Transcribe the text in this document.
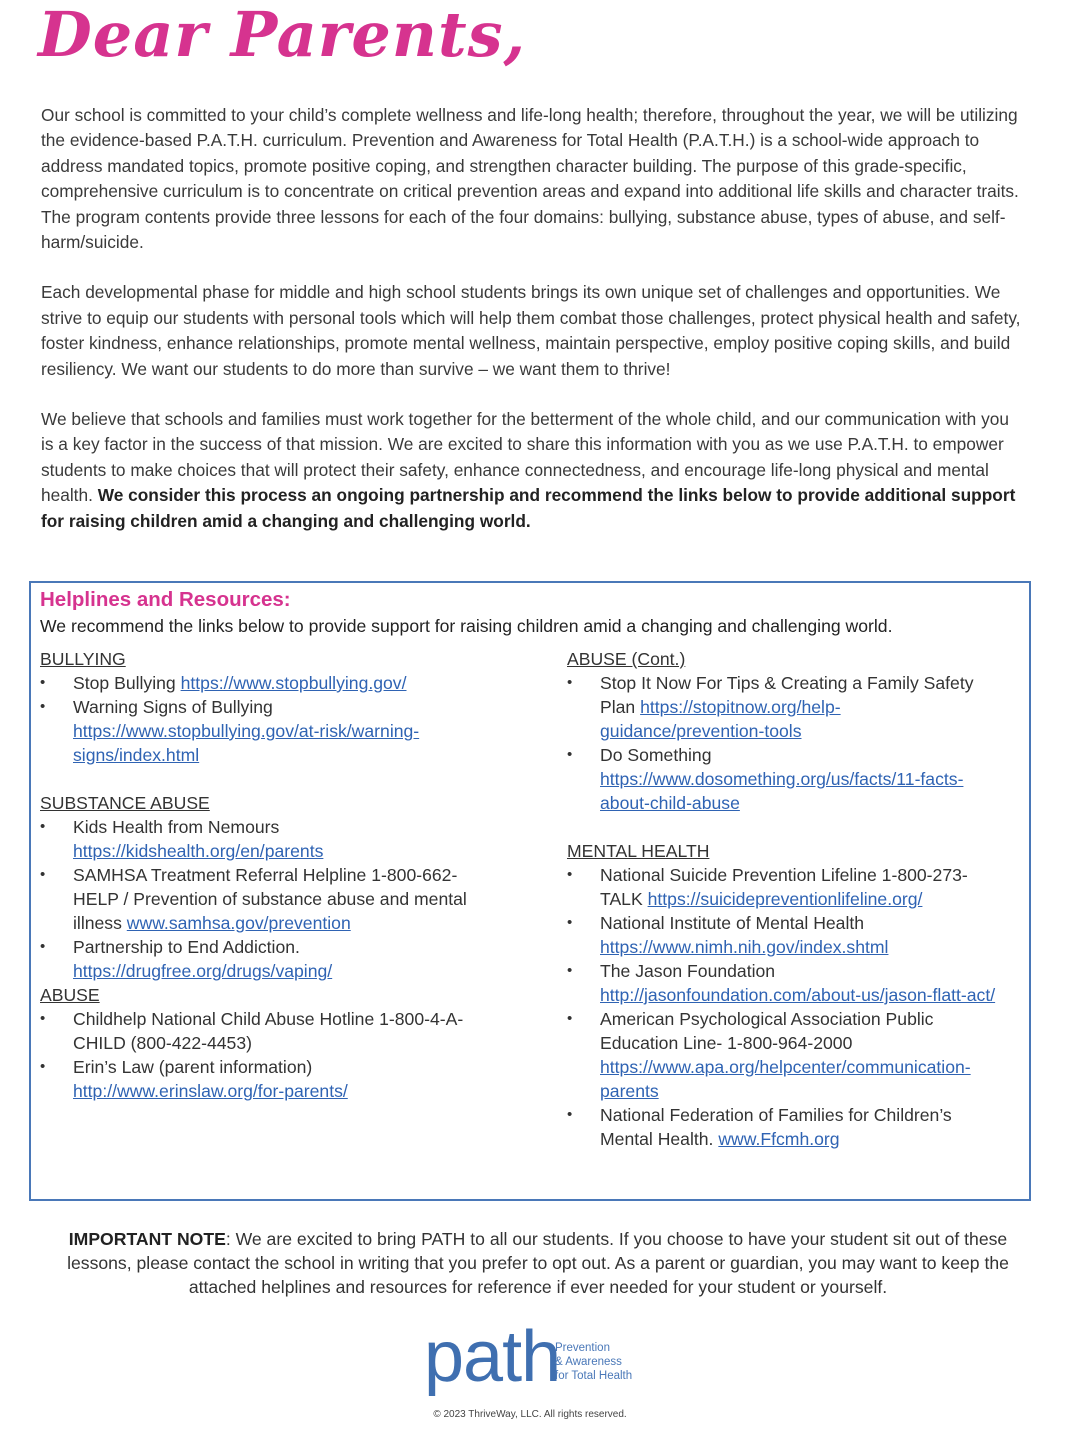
Dear Parents,

Our school is committed to your child’s complete wellness and life-long health; therefore, throughout the year, we will be utilizing the evidence-based P.A.T.H. curriculum. Prevention and Awareness for Total Health (P.A.T.H.) is a school-wide approach to address mandated topics, promote positive coping, and strengthen character building. The purpose of this grade-specific, comprehensive curriculum is to concentrate on critical prevention areas and expand into additional life skills and character traits. The program contents provide three lessons for each of the four domains: bullying, substance abuse, types of abuse, and self-harm/suicide.

Each developmental phase for middle and high school students brings its own unique set of challenges and opportunities. We strive to equip our students with personal tools which will help them combat those challenges, protect physical health and safety, foster kindness, enhance relationships, promote mental wellness, maintain perspective, employ positive coping skills, and build resiliency. We want our students to do more than survive – we want them to thrive!

We believe that schools and families must work together for the betterment of the whole child, and our communication with you is a key factor in the success of that mission. We are excited to share this information with you as we use P.A.T.H. to empower students to make choices that will protect their safety, enhance connectedness, and encourage life-long physical and mental health. We consider this process an ongoing partnership and recommend the links below to provide additional support for raising children amid a changing and challenging world.

Helplines and Resources:
We recommend the links below to provide support for raising children amid a changing and challenging world.

BULLYING

• Stop Bullying https://www.stopbullying.gov/
• Warning Signs of Bullying https://www.stopbullying.gov/at-risk/warning-signs/index.html

SUBSTANCE ABUSE

• Kids Health from Nemours https://kidshealth.org/en/parents
• SAMHSA Treatment Referral Helpline 1-800-662-HELP / Prevention of substance abuse and mental illness www.samhsa.gov/prevention
• Partnership to End Addiction. https://drugfree.org/drugs/vaping/

ABUSE

• Childhelp National Child Abuse Hotline 1-800-4-A-CHILD (800-422-4453)
• Erin’s Law (parent information) http://www.erinslaw.org/for-parents/

ABUSE (Cont.)

• Stop It Now For Tips & Creating a Family Safety Plan https://stopitnow.org/help-guidance/prevention-tools
• Do Something https://www.dosomething.org/us/facts/11-facts-about-child-abuse

MENTAL HEALTH

• National Suicide Prevention Lifeline 1-800-273-TALK https://suicidepreventionlifeline.org/
• National Institute of Mental Health https://www.nimh.nih.gov/index.shtml
• The Jason Foundation http://jasonfoundation.com/about-us/jason-flatt-act/
• American Psychological Association Public Education Line- 1-800-964-2000 https://www.apa.org/helpcenter/communication-parents
• National Federation of Families for Children’s Mental Health. www.Ffcmh.org
IMPORTANT NOTE: We are excited to bring PATH to all our students. If you choose to have your student sit out of these lessons, please contact the school in writing that you prefer to opt out. As a parent or guardian, you may want to keep the attached helplines and resources for reference if ever needed for your student or yourself.
path
Prevention
& Awareness
for Total Health
© 2023 ThriveWay, LLC. All rights reserved.
